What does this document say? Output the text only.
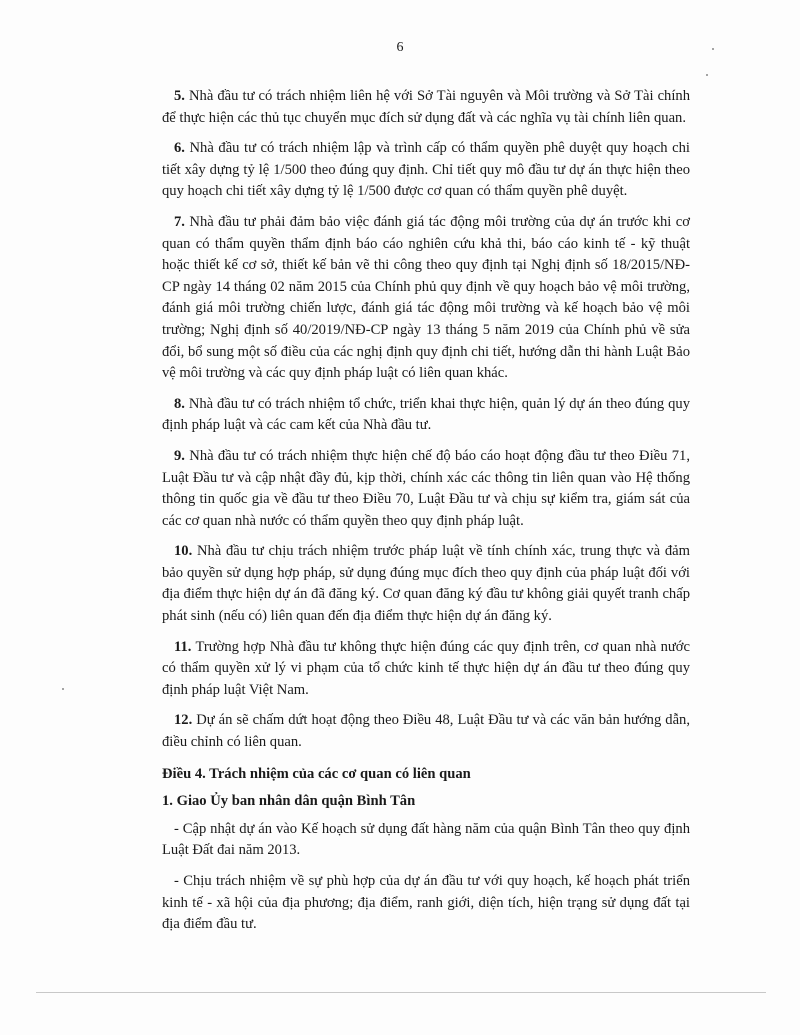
6

5. Nhà đầu tư có trách nhiệm liên hệ với Sở Tài nguyên và Môi trường và Sở Tài chính để thực hiện các thủ tục chuyển mục đích sử dụng đất và các nghĩa vụ tài chính liên quan.

6. Nhà đầu tư có trách nhiệm lập và trình cấp có thẩm quyền phê duyệt quy hoạch chi tiết xây dựng tỷ lệ 1/500 theo đúng quy định. Chỉ tiết quy mô đầu tư dự án thực hiện theo quy hoạch chi tiết xây dựng tỷ lệ 1/500 được cơ quan có thẩm quyền phê duyệt.

7. Nhà đầu tư phải đảm bảo việc đánh giá tác động môi trường của dự án trước khi cơ quan có thẩm quyền thẩm định báo cáo nghiên cứu khả thi, báo cáo kinh tế - kỹ thuật hoặc thiết kế cơ sở, thiết kế bản vẽ thi công theo quy định tại Nghị định số 18/2015/NĐ-CP ngày 14 tháng 02 năm 2015 của Chính phủ quy định về quy hoạch bảo vệ môi trường, đánh giá môi trường chiến lược, đánh giá tác động môi trường và kế hoạch bảo vệ môi trường; Nghị định số 40/2019/NĐ-CP ngày 13 tháng 5 năm 2019 của Chính phủ về sửa đổi, bổ sung một số điều của các nghị định quy định chi tiết, hướng dẫn thi hành Luật Bảo vệ môi trường và các quy định pháp luật có liên quan khác.

8. Nhà đầu tư có trách nhiệm tổ chức, triển khai thực hiện, quản lý dự án theo đúng quy định pháp luật và các cam kết của Nhà đầu tư.

9. Nhà đầu tư có trách nhiệm thực hiện chế độ báo cáo hoạt động đầu tư theo Điều 71, Luật Đầu tư và cập nhật đầy đủ, kịp thời, chính xác các thông tin liên quan vào Hệ thống thông tin quốc gia về đầu tư theo Điều 70, Luật Đầu tư và chịu sự kiểm tra, giám sát của các cơ quan nhà nước có thẩm quyền theo quy định pháp luật.

10. Nhà đầu tư chịu trách nhiệm trước pháp luật về tính chính xác, trung thực và đảm bảo quyền sử dụng hợp pháp, sử dụng đúng mục đích theo quy định của pháp luật đối với địa điểm thực hiện dự án đã đăng ký. Cơ quan đăng ký đầu tư không giải quyết tranh chấp phát sinh (nếu có) liên quan đến địa điểm thực hiện dự án đăng ký.

11. Trường hợp Nhà đầu tư không thực hiện đúng các quy định trên, cơ quan nhà nước có thẩm quyền xử lý vi phạm của tổ chức kinh tế thực hiện dự án đầu tư theo đúng quy định pháp luật Việt Nam.

12. Dự án sẽ chấm dứt hoạt động theo Điều 48, Luật Đầu tư và các văn bản hướng dẫn, điều chỉnh có liên quan.

Điều 4. Trách nhiệm của các cơ quan có liên quan

1. Giao Ủy ban nhân dân quận Bình Tân

- Cập nhật dự án vào Kế hoạch sử dụng đất hàng năm của quận Bình Tân theo quy định Luật Đất đai năm 2013.

- Chịu trách nhiệm về sự phù hợp của dự án đầu tư với quy hoạch, kế hoạch phát triển kinh tế - xã hội của địa phương; địa điểm, ranh giới, diện tích, hiện trạng sử dụng đất tại địa điểm đầu tư.
